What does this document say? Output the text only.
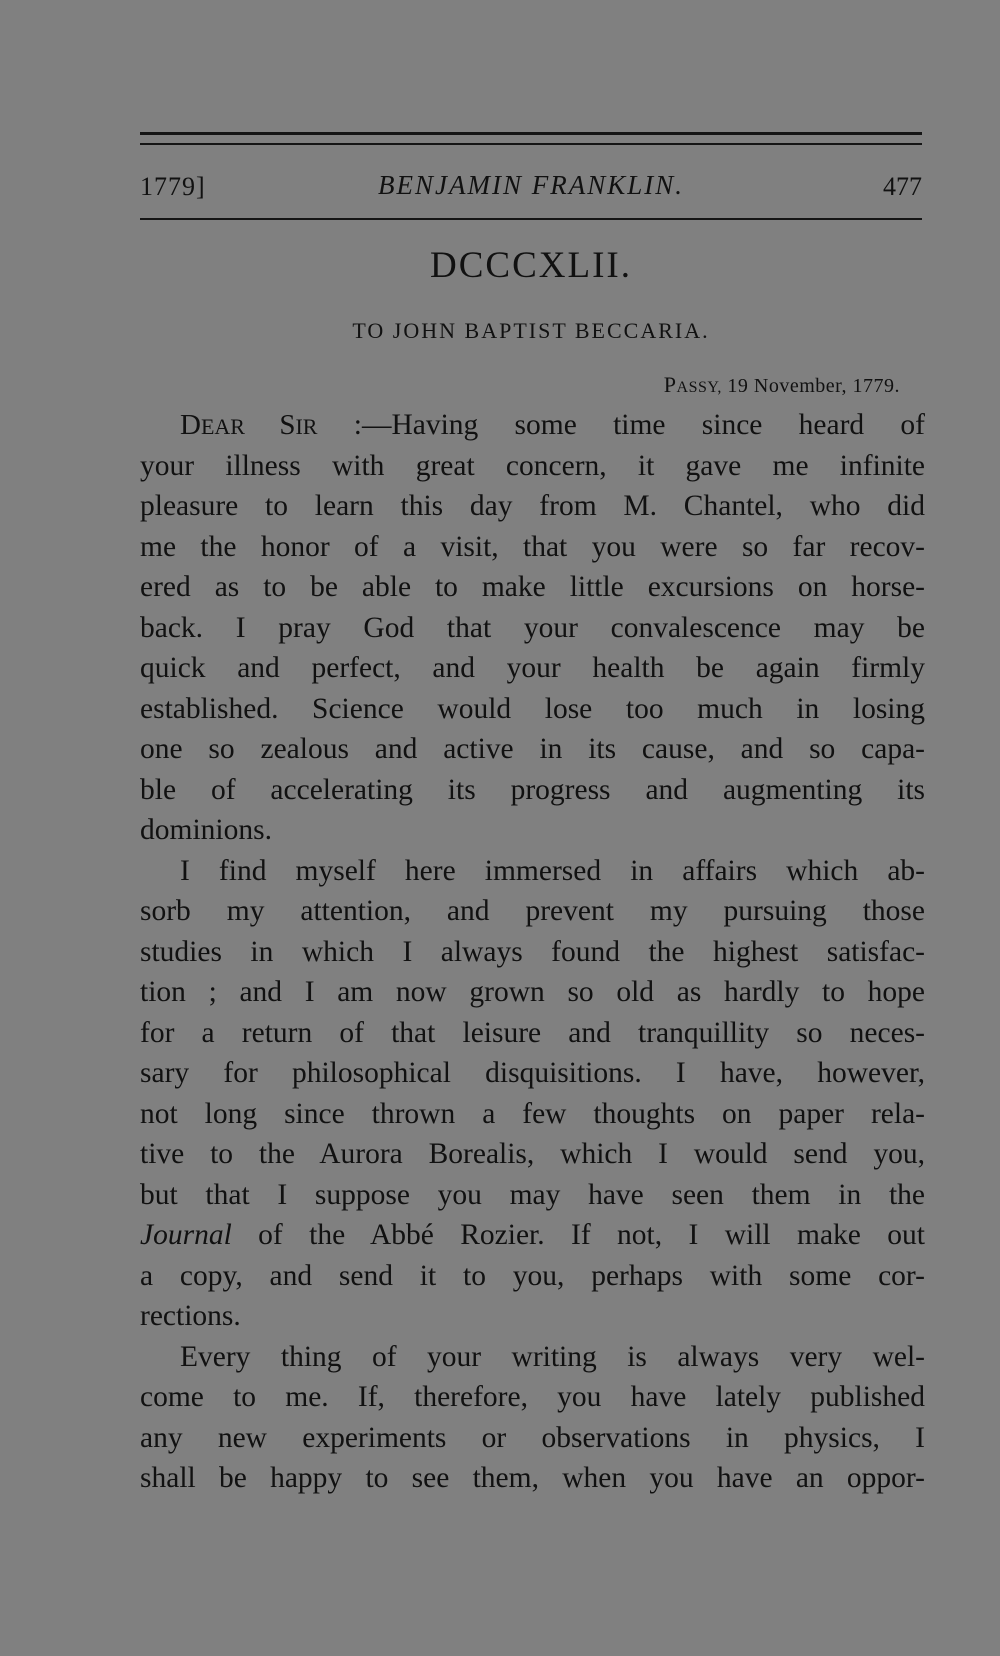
1779]	BENJAMIN FRANKLIN.	477
DCCCXLII.
TO JOHN BAPTIST BECCARIA.
PASSY, 19 November, 1779.
DEAR SIR :—Having some time since heard of
your illness with great concern, it gave me infinite
pleasure to learn this day from M. Chantel, who did
me the honor of a visit, that you were so far recov-
ered as to be able to make little excursions on horse-
back. I pray God that your convalescence may be
quick and perfect, and your health be again firmly
established. Science would lose too much in losing
one so zealous and active in its cause, and so capa-
ble of accelerating its progress and augmenting its
dominions.
I find myself here immersed in affairs which ab-
sorb my attention, and prevent my pursuing those
studies in which I always found the highest satisfac-
tion ; and I am now grown so old as hardly to hope
for a return of that leisure and tranquillity so neces-
sary for philosophical disquisitions. I have, however,
not long since thrown a few thoughts on paper rela-
tive to the Aurora Borealis, which I would send you,
but that I suppose you may have seen them in the
Journal of the Abbé Rozier. If not, I will make out
a copy, and send it to you, perhaps with some cor-
rections.
Every thing of your writing is always very wel-
come to me. If, therefore, you have lately published
any new experiments or observations in physics, I
shall be happy to see them, when you have an oppor-
